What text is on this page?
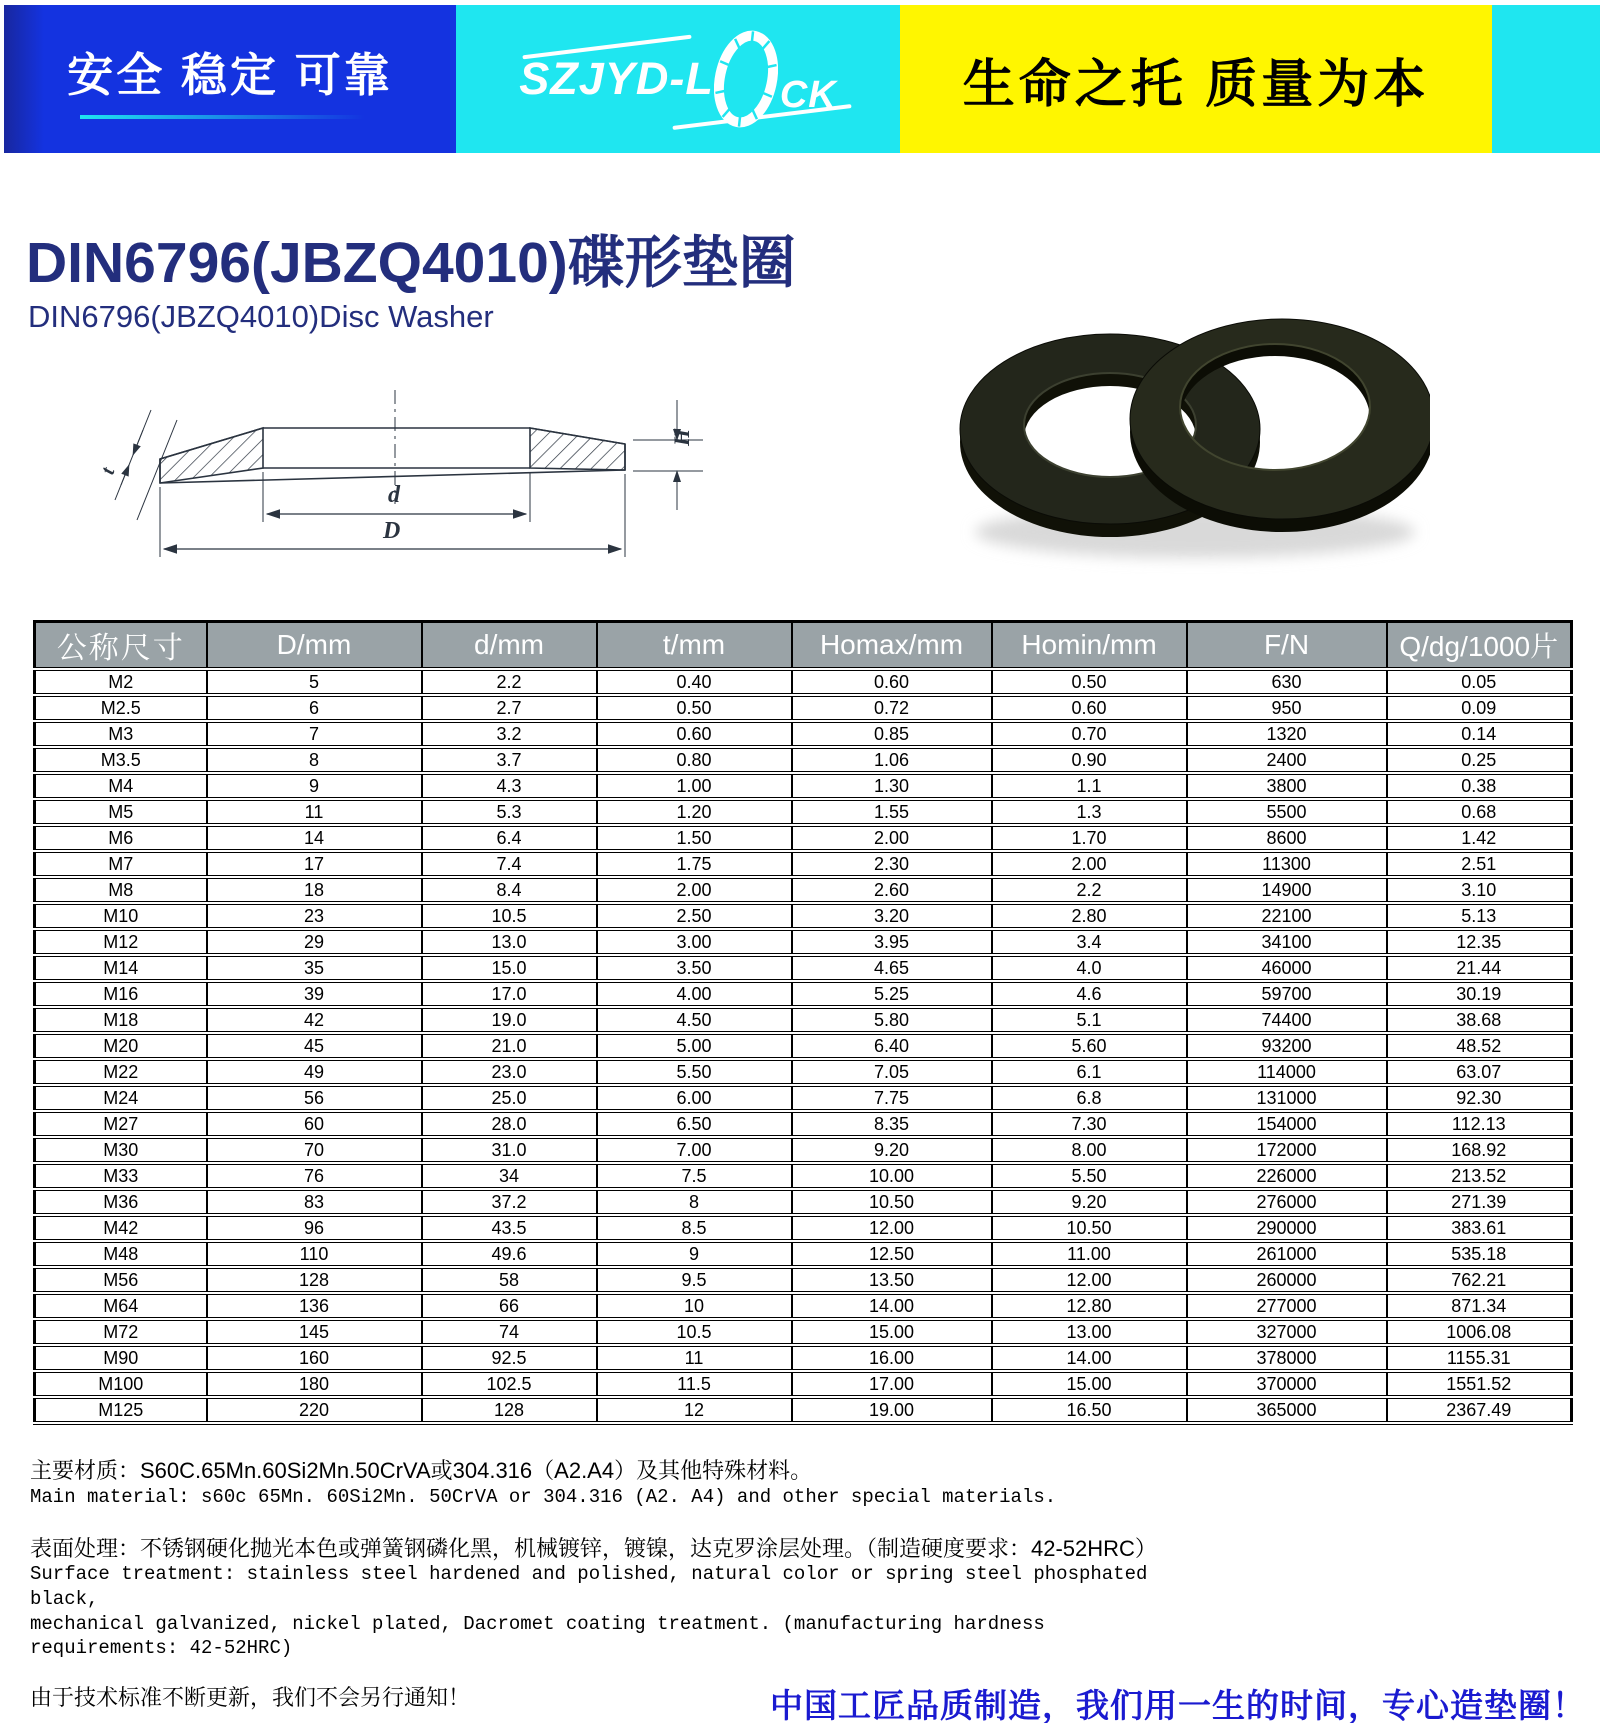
安全 稳定 可靠	SZJYD-L CK 生命之托 质量为本

DIN6796(JBZQ4010)碟形垫圈

DIN6796(JBZQ4010)Disc Washer

t
d
D
H
公称尺寸	D/mm	d/mm	t/mm	Homax/mm	Homin/mm	F/N	Q/dg/1000片
M2	5	2.2	0.40	0.60	0.50	630	0.05
M2.5	6	2.7	0.50	0.72	0.60	950	0.09
M3	7	3.2	0.60	0.85	0.70	1320	0.14
M3.5	8	3.7	0.80	1.06	0.90	2400	0.25
M4	9	4.3	1.00	1.30	1.1	3800	0.38
M5	11	5.3	1.20	1.55	1.3	5500	0.68
M6	14	6.4	1.50	2.00	1.70	8600	1.42
M7	17	7.4	1.75	2.30	2.00	11300	2.51
M8	18	8.4	2.00	2.60	2.2	14900	3.10
M10	23	10.5	2.50	3.20	2.80	22100	5.13
M12	29	13.0	3.00	3.95	3.4	34100	12.35
M14	35	15.0	3.50	4.65	4.0	46000	21.44
M16	39	17.0	4.00	5.25	4.6	59700	30.19
M18	42	19.0	4.50	5.80	5.1	74400	38.68
M20	45	21.0	5.00	6.40	5.60	93200	48.52
M22	49	23.0	5.50	7.05	6.1	114000	63.07
M24	56	25.0	6.00	7.75	6.8	131000	92.30
M27	60	28.0	6.50	8.35	7.30	154000	112.13
M30	70	31.0	7.00	9.20	8.00	172000	168.92
M33	76	34	7.5	10.00	5.50	226000	213.52
M36	83	37.2	8	10.50	9.20	276000	271.39
M42	96	43.5	8.5	12.00	10.50	290000	383.61
M48	110	49.6	9	12.50	11.00	261000	535.18
M56	128	58	9.5	13.50	12.00	260000	762.21
M64	136	66	10	14.00	12.80	277000	871.34
M72	145	74	10.5	15.00	13.00	327000	1006.08
M90	160	92.5	11	16.00	14.00	378000	1155.31
M100	180	102.5	11.5	17.00	15.00	370000	1551.52
M125	220	128	12	19.00	16.50	365000	2367.49

主要材质：S60C.65Mn.60Si2Mn.50CrVA或304.316（A2.A4）及其他特殊材料。

Main material: s60c 65Mn. 60Si2Mn. 50CrVA or 304.316 (A2. A4) and other special materials.

表面处理：不锈钢硬化抛光本色或弹簧钢磷化黑，机械镀锌，镀镍，达克罗涂层处理。（制造硬度要求：42-52HRC）

Surface treatment: stainless steel hardened and polished, natural color or spring steel phosphated black,

mechanical galvanized, nickel plated, Dacromet coating treatment. (manufacturing hardness requirements: 42-52HRC)

由于技术标准不断更新，我们不会另行通知！	中国工匠品质制造，我们用一生的时间，专心造垫圈！
